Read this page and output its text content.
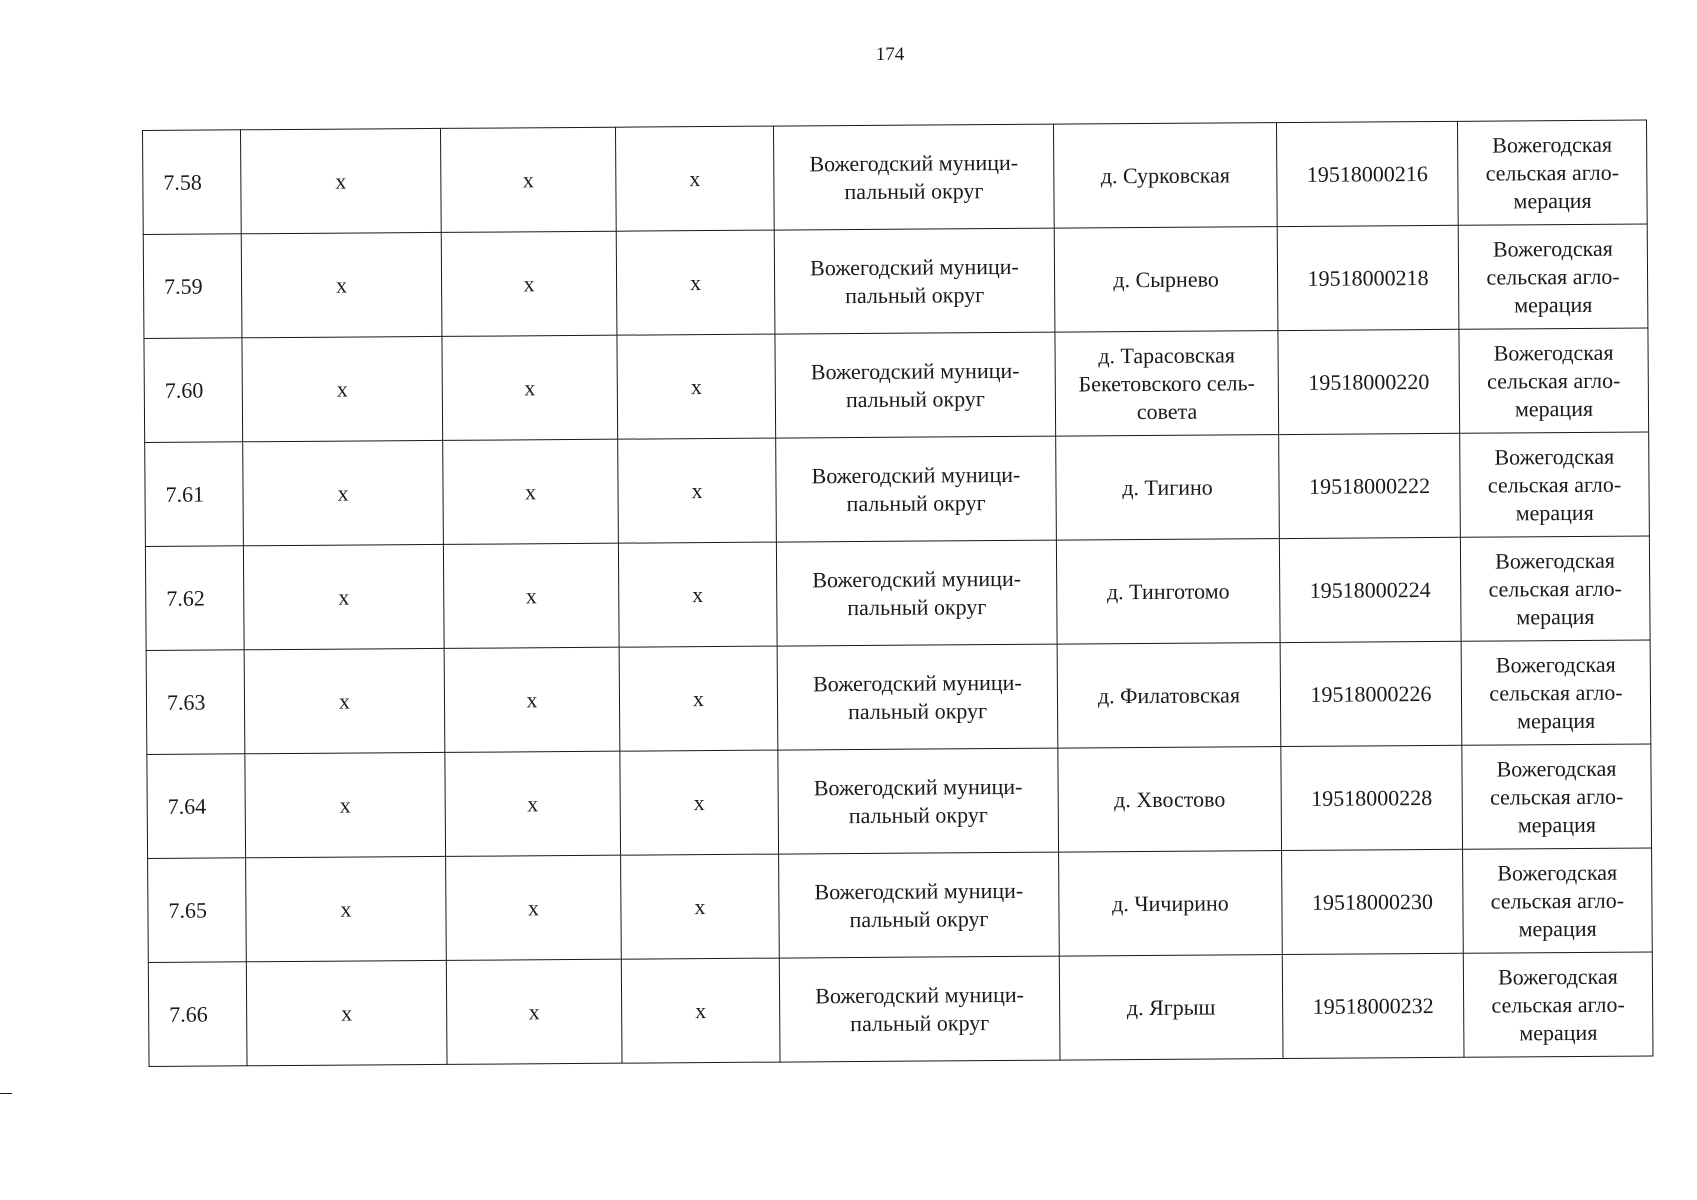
174
7.58	х	х	х	Вожегодский муници-
пальный округ	д. Сурковская	19518000216	Вожегодская
сельская агло-
мерация
7.59	х	х	х	Вожегодский муници-
пальный округ	д. Сырнево	19518000218	Вожегодская
сельская агло-
мерация
7.60	х	х	х	Вожегодский муници-
пальный округ	д. Тарасовская
Бекетовского сель-
совета	19518000220	Вожегодская
сельская агло-
мерация
7.61	х	х	х	Вожегодский муници-
пальный округ	д. Тигино	19518000222	Вожегодская
сельская агло-
мерация
7.62	х	х	х	Вожегодский муници-
пальный округ	д. Тинготомо	19518000224	Вожегодская
сельская агло-
мерация
7.63	х	х	х	Вожегодский муници-
пальный округ	д. Филатовская	19518000226	Вожегодская
сельская агло-
мерация
7.64	х	х	х	Вожегодский муници-
пальный округ	д. Хвостово	19518000228	Вожегодская
сельская агло-
мерация
7.65	х	х	х	Вожегодский муници-
пальный округ	д. Чичирино	19518000230	Вожегодская
сельская агло-
мерация
7.66	х	х	х	Вожегодский муници-
пальный округ	д. Ягрыш	19518000232	Вожегодская
сельская агло-
мерация
